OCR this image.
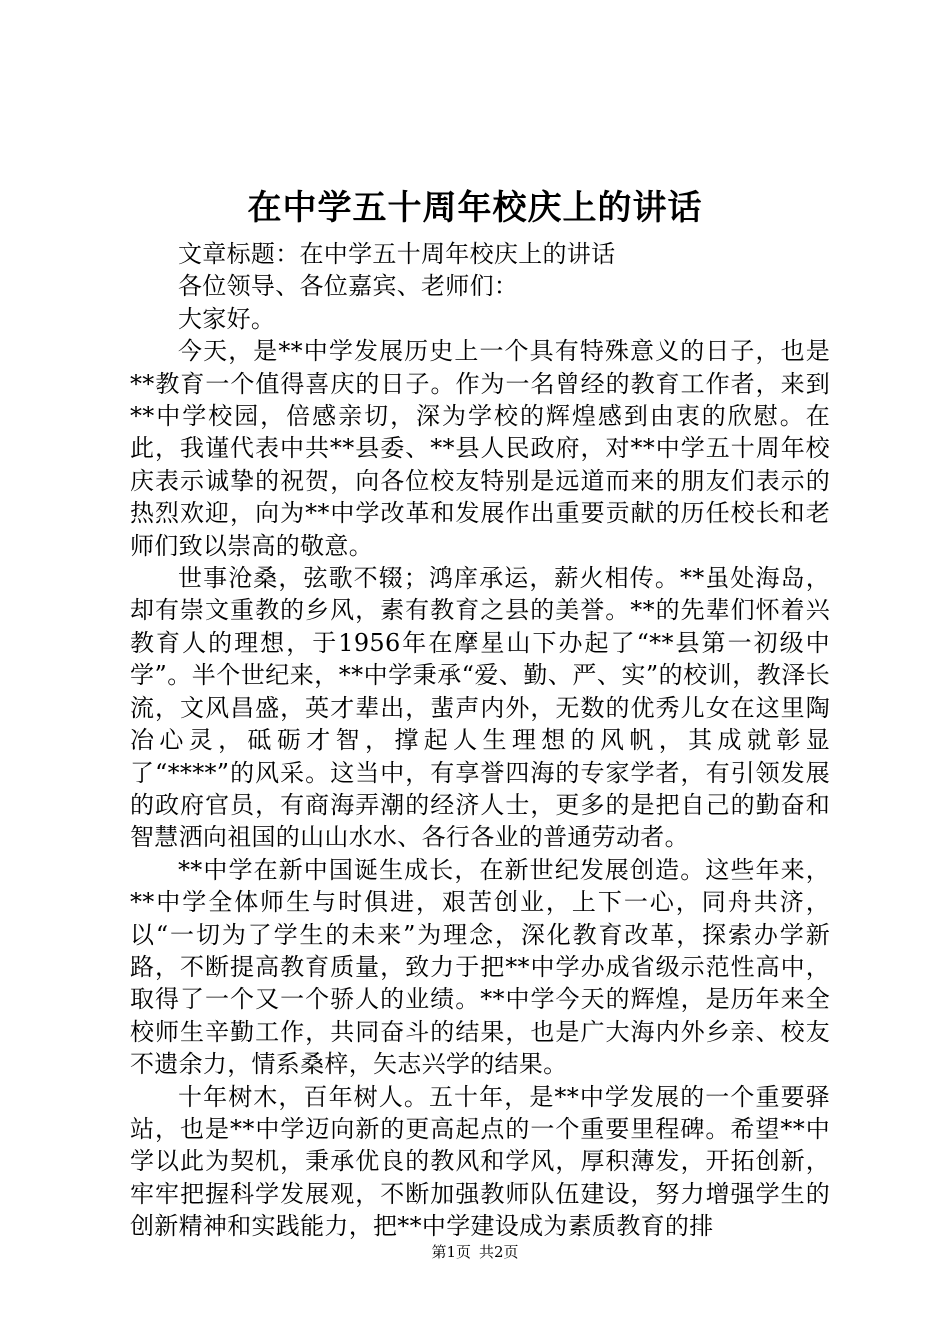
在中学五十周年校庆上的讲话

文章标题：在中学五十周年校庆上的讲话

各位领导、各位嘉宾、老师们：

大家好。

今天，是**中学发展历史上一个具有特殊意义的日子，也是**教育一个值得喜庆的日子。作为一名曾经的教育工作者，来到**中学校园，倍感亲切，深为学校的辉煌感到由衷的欣慰。在此，我谨代表中共**县委、**县人民政府，对**中学五十周年校庆表示诚挚的祝贺，向各位校友特别是远道而来的朋友们表示的热烈欢迎，向为**中学改革和发展作出重要贡献的历任校长和老师们致以崇高的敬意。

世事沧桑，弦歌不辍；鸿庠承运，薪火相传。**虽处海岛，却有崇文重教的乡风，素有教育之县的美誉。**的先辈们怀着兴教育人的理想，于1956年在摩星山下办起了“**县第一初级中学”。半个世纪来，**中学秉承“爱、勤、严、实”的校训，教泽长流，文风昌盛，英才辈出，蜚声内外，无数的优秀儿女在这里陶冶心灵，砥砺才智，撑起人生理想的风帆，其成就彰显了“****”的风采。这当中，有享誉四海的专家学者，有引领发展的政府官员，有商海弄潮的经济人士，更多的是把自己的勤奋和智慧洒向祖国的山山水水、各行各业的普通劳动者。

**中学在新中国诞生成长，在新世纪发展创造。这些年来，**中学全体师生与时俱进，艰苦创业，上下一心，同舟共济，以“一切为了学生的未来”为理念，深化教育改革，探索办学新路，不断提高教育质量，致力于把**中学办成省级示范性高中，取得了一个又一个骄人的业绩。**中学今天的辉煌，是历年来全校师生辛勤工作，共同奋斗的结果，也是广大海内外乡亲、校友不遗余力，情系桑梓，矢志兴学的结果。

十年树木，百年树人。五十年，是**中学发展的一个重要驿站，也是**中学迈向新的更高起点的一个重要里程碑。希望**中学以此为契机，秉承优良的教风和学风，厚积薄发，开拓创新，牢牢把握科学发展观，不断加强教师队伍建设，努力增强学生的创新精神和实践能力，把**中学建设成为素质教育的排

第1页 共2页
